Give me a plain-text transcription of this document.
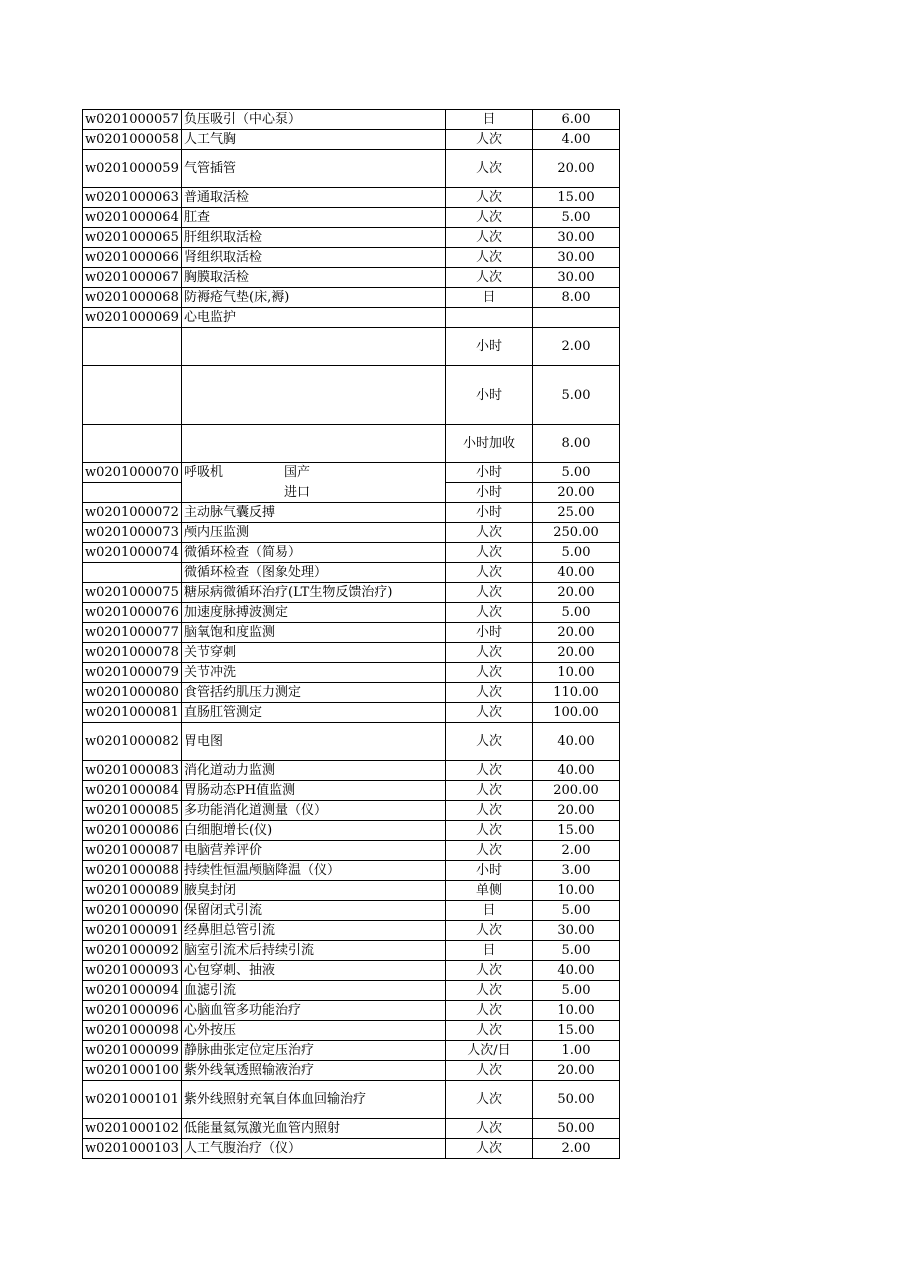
w0201000057	负压吸引（中心泵）	日	6.00
w0201000058	人工气胸	人次	4.00
w0201000059	气管插管	人次	20.00
w0201000063	普通取活检	人次	15.00
w0201000064	肛查	人次	5.00
w0201000065	肝组织取活检	人次	30.00
w0201000066	肾组织取活检	人次	30.00
w0201000067	胸膜取活检	人次	30.00
w0201000068	防褥疮气垫(床,褥)	日	8.00
w0201000069	心电监护		
		小时	2.00
		小时	5.00
		小时加收	8.00
w0201000070	呼吸机 国产	小时	5.00
	进口	小时	20.00
w0201000072	主动脉气囊反搏	小时	25.00
w0201000073	颅内压监测	人次	250.00
w0201000074	微循环检查（简易）	人次	5.00
	微循环检查（图象处理）	人次	40.00
w0201000075	糖尿病微循环治疗(LT生物反馈治疗)	人次	20.00
w0201000076	加速度脉搏波测定	人次	5.00
w0201000077	脑氧饱和度监测	小时	20.00
w0201000078	关节穿刺	人次	20.00
w0201000079	关节冲洗	人次	10.00
w0201000080	食管括约肌压力测定	人次	110.00
w0201000081	直肠肛管测定	人次	100.00
w0201000082	胃电图	人次	40.00
w0201000083	消化道动力监测	人次	40.00
w0201000084	胃肠动态PH值监测	人次	200.00
w0201000085	多功能消化道测量（仪）	人次	20.00
w0201000086	白细胞增长(仪)	人次	15.00
w0201000087	电脑营养评价	人次	2.00
w0201000088	持续性恒温颅脑降温（仪）	小时	3.00
w0201000089	腋臭封闭	单侧	10.00
w0201000090	保留闭式引流	日	5.00
w0201000091	经鼻胆总管引流	人次	30.00
w0201000092	脑室引流术后持续引流	日	5.00
w0201000093	心包穿刺、抽液	人次	40.00
w0201000094	血滤引流	人次	5.00
w0201000096	心脑血管多功能治疗	人次	10.00
w0201000098	心外按压	人次	15.00
w0201000099	静脉曲张定位定压治疗	人次/日	1.00
w0201000100	紫外线氧透照输液治疗	人次	20.00
w0201000101	紫外线照射充氧自体血回输治疗	人次	50.00
w0201000102	低能量氦氖激光血管内照射	人次	50.00
w0201000103	人工气腹治疗（仪）	人次	2.00
